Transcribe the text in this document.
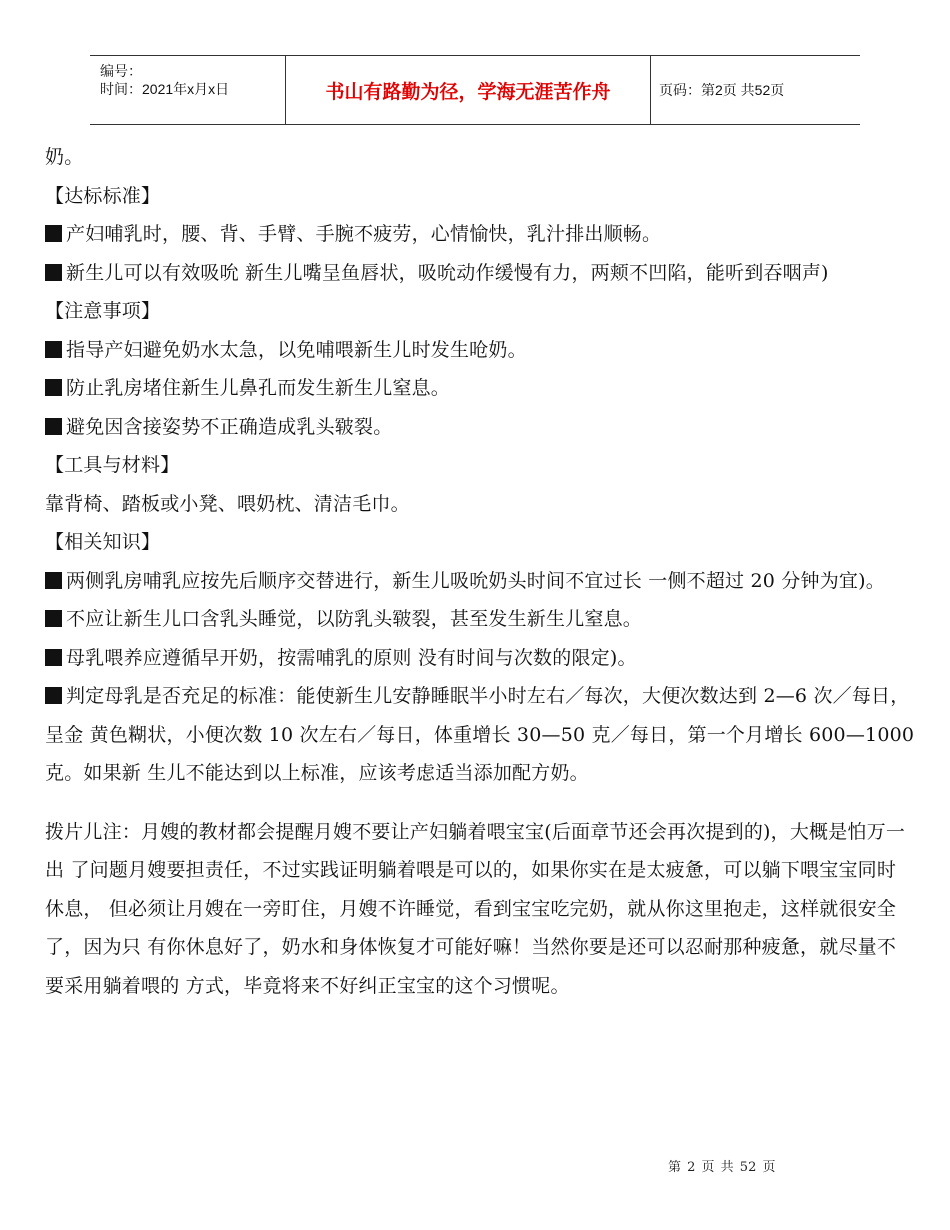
编号：
时间：2021年x月x日	书山有路勤为径，学海无涯苦作舟	页码：第2页 共52页

奶。

【达标标准】

产妇哺乳时，腰、背、手臂、手腕不疲劳，心情愉快，乳汁排出顺畅。

新生儿可以有效吸吮 新生儿嘴呈鱼唇状，吸吮动作缓慢有力，两颊不凹陷，能听到吞咽声)

【注意事项】

指导产妇避免奶水太急，以免哺喂新生儿时发生呛奶。

防止乳房堵住新生儿鼻孔而发生新生儿窒息。

避免因含接姿势不正确造成乳头皲裂。

【工具与材料】

靠背椅、踏板或小凳、喂奶枕、清洁毛巾。

【相关知识】

两侧乳房哺乳应按先后顺序交替进行，新生儿吸吮奶头时间不宜过长 一侧不超过 20 分钟为宜)。

不应让新生儿口含乳头睡觉，以防乳头皲裂，甚至发生新生儿窒息。

母乳喂养应遵循早开奶，按需哺乳的原则 没有时间与次数的限定)。

判定母乳是否充足的标准：能使新生儿安静睡眠半小时左右／每次，大便次数达到 2—6 次／每日，呈金 黄色糊状，小便次数 10 次左右／每日，体重增长 30—50 克／每日，第一个月增长 600—1000 克。如果新 生儿不能达到以上标准，应该考虑适当添加配方奶。

拨片儿注：月嫂的教材都会提醒月嫂不要让产妇躺着喂宝宝(后面章节还会再次提到的)，大概是怕万一出 了问题月嫂要担责任，不过实践证明躺着喂是可以的，如果你实在是太疲惫，可以躺下喂宝宝同时休息， 但必须让月嫂在一旁盯住，月嫂不许睡觉，看到宝宝吃完奶，就从你这里抱走，这样就很安全了，因为只 有你休息好了，奶水和身体恢复才可能好嘛！当然你要是还可以忍耐那种疲惫，就尽量不要采用躺着喂的 方式，毕竟将来不好纠正宝宝的这个习惯呢。

第 2 页 共 52 页
